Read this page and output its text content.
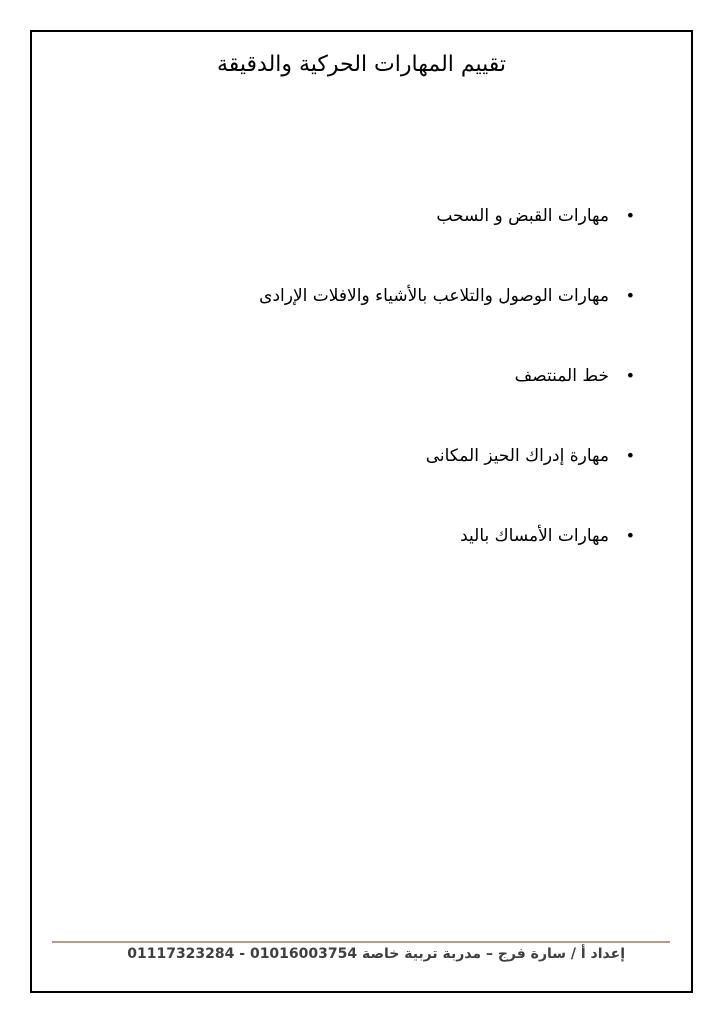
تقييم المهارات الحركية والدقيقة
•
مهارات القبض و السحب
•
مهارات الوصول والتلاعب بالأشياء والافلات الإرادى
•
خط المنتصف
•
مهارة إدراك الحيز المكانى
•
مهارات الأمساك باليد
إعداد أ / سارة فرج – مدربة تربية خاصة 01016003754 - 01117323284
